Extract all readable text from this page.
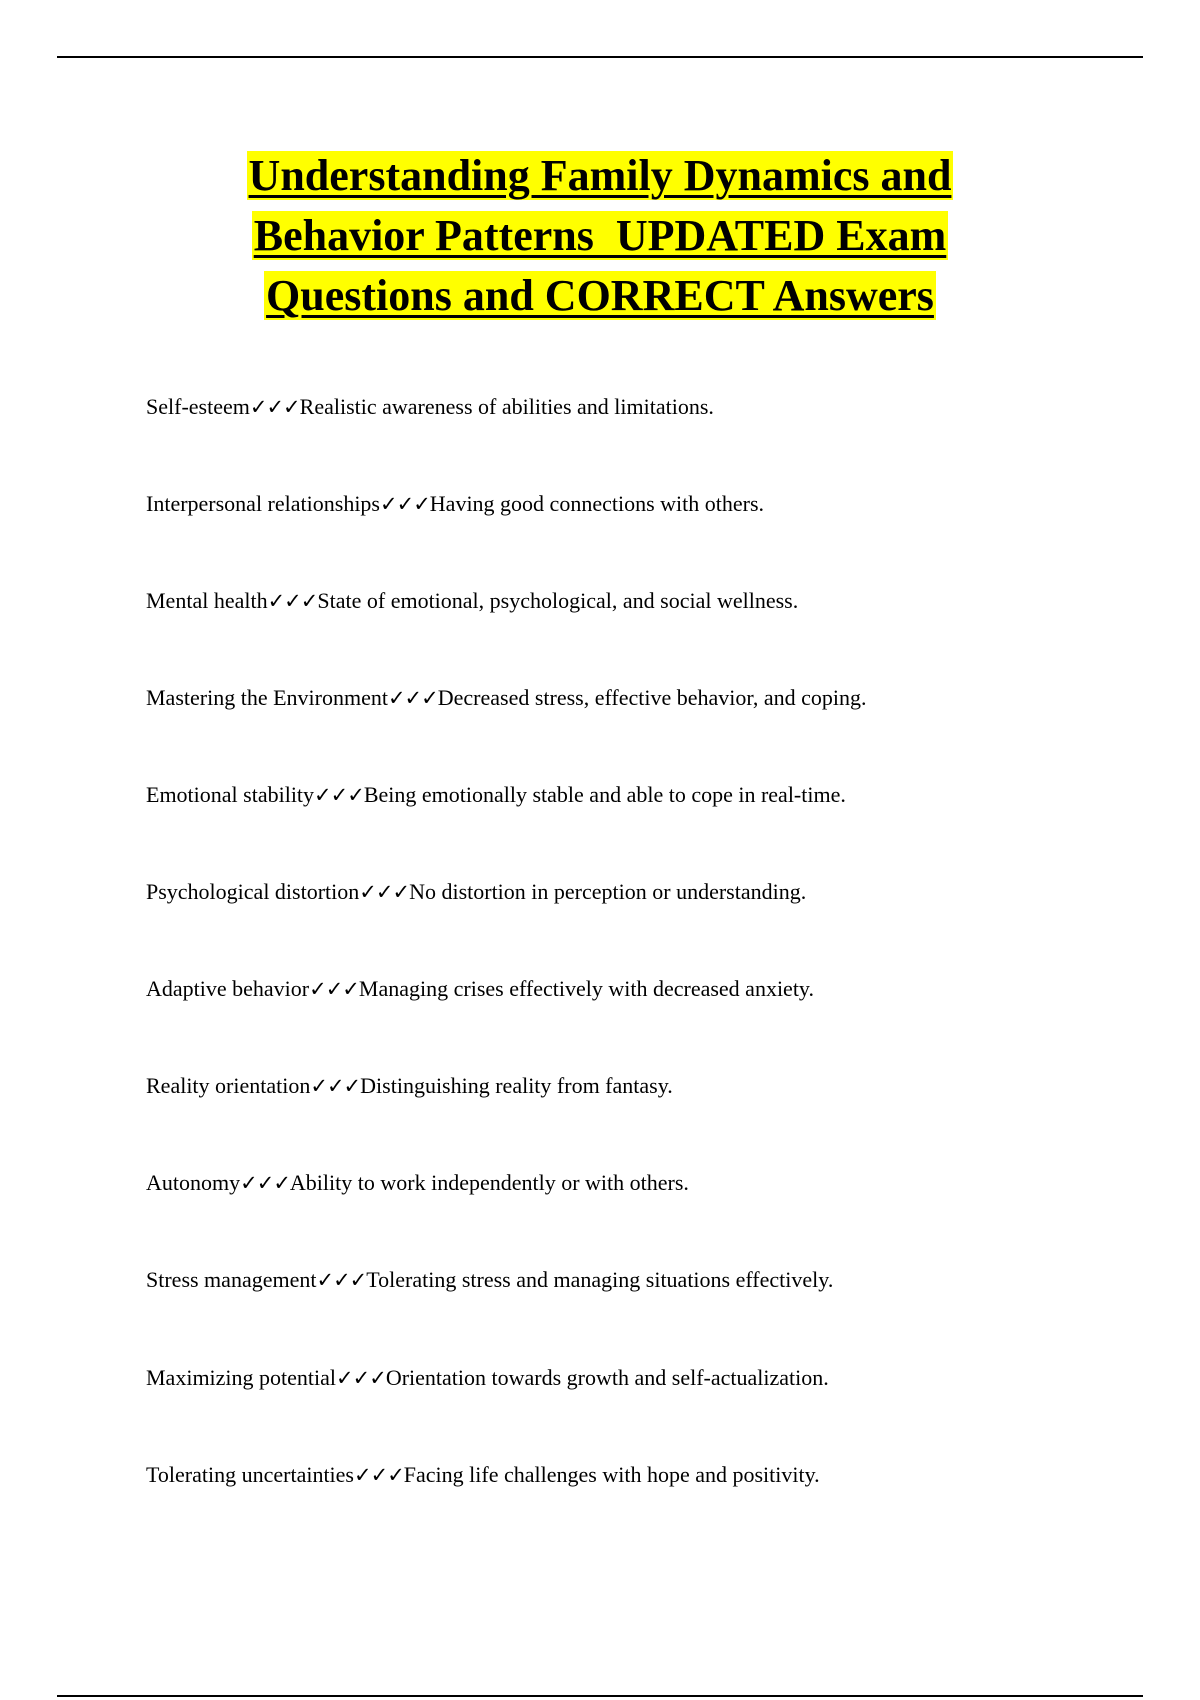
Understanding Family Dynamics and
Behavior Patterns  UPDATED Exam
Questions and CORRECT Answers
Self-esteem✓✓✓Realistic awareness of abilities and limitations.
Interpersonal relationships✓✓✓Having good connections with others.
Mental health✓✓✓State of emotional, psychological, and social wellness.
Mastering the Environment✓✓✓Decreased stress, effective behavior, and coping.
Emotional stability✓✓✓Being emotionally stable and able to cope in real-time.
Psychological distortion✓✓✓No distortion in perception or understanding.
Adaptive behavior✓✓✓Managing crises effectively with decreased anxiety.
Reality orientation✓✓✓Distinguishing reality from fantasy.
Autonomy✓✓✓Ability to work independently or with others.
Stress management✓✓✓Tolerating stress and managing situations effectively.
Maximizing potential✓✓✓Orientation towards growth and self-actualization.
Tolerating uncertainties✓✓✓Facing life challenges with hope and positivity.
